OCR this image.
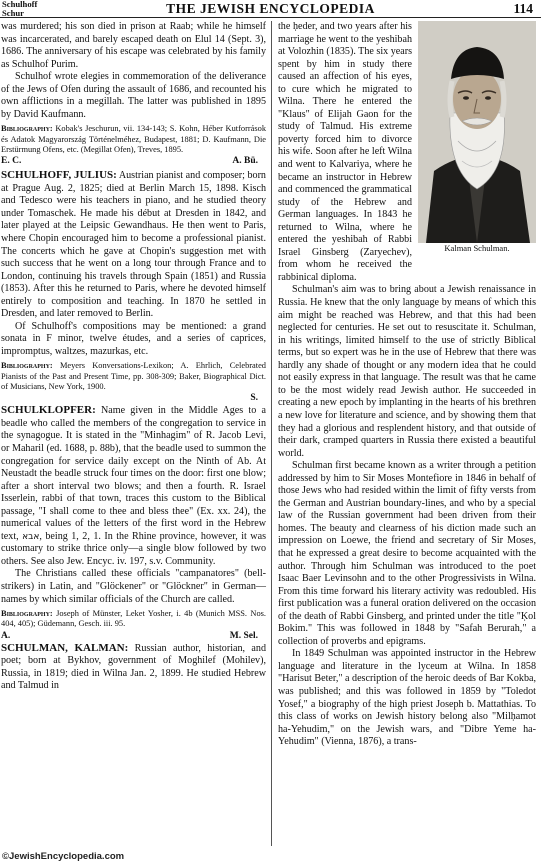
Schulhoff
Schur	THE JEWISH ENCYCLOPEDIA	114

was murdered; his son died in prison at Raab; while he himself was incarcerated, and barely escaped death on Elul 14 (Sept. 3), 1686. The anniversary of his escape was celebrated by his family as Schulhof Purim.

Schulhof wrote elegies in commemoration of the deliverance of the Jews of Ofen during the assault of 1686, and recounted his own afflictions in a megillah. The latter was published in 1895 by David Kaufmann.

Bibliography: Kobak's Jeschurun, vii. 134-143; S. Kohn, Héber Kutforrások és Adatok Magyarország Történelméhez, Budapest, 1881; D. Kaufmann, Die Erstürmung Ofens, etc. (Megillat Ofen), Treves, 1895.
E. C.	A. Bü.

SCHULHOFF, JULIUS: Austrian pianist and composer; born at Prague Aug. 2, 1825; died at Berlin March 15, 1898. Kisch and Tedesco were his teachers in piano, and he studied theory under Tomaschek. He made his début at Dresden in 1842, and later played at the Leipsic Gewandhaus. He then went to Paris, where Chopin encouraged him to become a professional pianist. The concerts which he gave at Chopin's suggestion met with such success that he went on a long tour through France and to London, continuing his travels through Spain (1851) and Russia (1853). After this he returned to Paris, where he devoted himself entirely to composition and teaching. In 1870 he settled in Dresden, and later removed to Berlin.

Of Schulhoff's compositions may be mentioned: a grand sonata in F minor, twelve études, and a series of caprices, impromptus, waltzes, mazurkas, etc.

Bibliography: Meyers Konversations-Lexikon; A. Ehrlich, Celebrated Pianists of the Past and Present Time, pp. 308-309; Baker, Biographical Dict. of Musicians, New York, 1900.
S.

SCHULKLOPFER: Name given in the Middle Ages to a beadle who called the members of the congregation to service in the synagogue. It is stated in the "Minhagim" of R. Jacob Levi, or Maharil (ed. 1688, p. 88b), that the beadle used to summon the congregation for service daily except on the Ninth of Ab. At Neustadt the beadle struck four times on the door: first one blow; after a short interval two blows; and then a fourth. R. Israel Isserlein, rabbi of that town, traces this custom to the Biblical passage, "I shall come to thee and bless thee" (Ex. xx. 24), the numerical values of the letters of the first word in the Hebrew text, אבא, being 1, 2, 1. In the Rhine province, however, it was customary to strike thrice only—a single blow followed by two others. See also Jew. Encyc. iv. 197, s.v. Community.

The Christians called these officials "campanatores" (bell-strikers) in Latin, and "Glöckener" or "Glöckner" in German—names by which similar officials of the Church are called.

Bibliography: Joseph of Münster, Leket Yosher, i. 4b (Munich MSS. Nos. 404, 405); Güdemann, Gesch. iii. 95.
A.	M. Sel.

SCHULMAN, KALMAN: Russian author, historian, and poet; born at Bykhov, government of Moghilef (Mohilev), Russia, in 1819; died in Wilna Jan. 2, 1899. He studied Hebrew and Talmud in

Kalman Schulman.

the ḥeder, and two years after his marriage he went to the yeshibah at Volozhin (1835). The six years spent by him in study there caused an affection of his eyes, to cure which he migrated to Wilna. There he entered the "Klaus" of Elijah Gaon for the study of Talmud. His extreme poverty forced him to divorce his wife. Soon after he left Wilna and went to Kalvariya, where he became an instructor in Hebrew and commenced the grammatical study of the Hebrew and German languages. In 1843 he returned to Wilna, where he entered the yeshibah of Rabbi Israel Ginsberg (Zaryechev), from whom he received the rabbinical diploma.

Schulman's aim was to bring about a Jewish renaissance in Russia. He knew that the only language by means of which this aim might be reached was Hebrew, and that this had been neglected for centuries. He set out to resuscitate it. Schulman, in his writings, limited himself to the use of strictly Biblical terms, but so expert was he in the use of Hebrew that there was hardly any shade of thought or any modern idea that he could not easily express in that language. The result was that he came to be the most widely read Jewish author. He succeeded in creating a new epoch by implanting in the hearts of his brethren a new love for literature and science, and by showing them that they had a glorious and resplendent history, and that outside of their dark, cramped quarters in Russia there existed a beautiful world.

Schulman first became known as a writer through a petition addressed by him to Sir Moses Montefiore in 1846 in behalf of those Jews who had resided within the limit of fifty versts from the German and Austrian boundary-lines, and who by a special law of the Russian government had been driven from their homes. The beauty and clearness of his diction made such an impression on Loewe, the friend and secretary of Sir Moses, that he expressed a great desire to become acquainted with the author. Through him Schulman was introduced to the poet Isaac Baer Levinsohn and to the other Progressivists in Wilna. From this time forward his literary activity was redoubled. His first publication was a funeral oration delivered on the occasion of the death of Rabbi Ginsberg, and printed under the title "Ḳol Bokim." This was followed in 1848 by "Safah Berurah," a collection of proverbs and epigrams.

In 1849 Schulman was appointed instructor in the Hebrew language and literature in the lyceum at Wilna. In 1858 "Harisut Beter," a description of the heroic deeds of Bar Kokba, was published; and this was followed in 1859 by "Toledot Yosef," a biography of the high priest Joseph b. Mattathias. To this class of works on Jewish history belong also "Milḥamot ha-Yehudim," on the Jewish wars, and "Dibre Yeme ha-Yehudim" (Vienna, 1876), a trans-

©JewishEncyclopedia.com
